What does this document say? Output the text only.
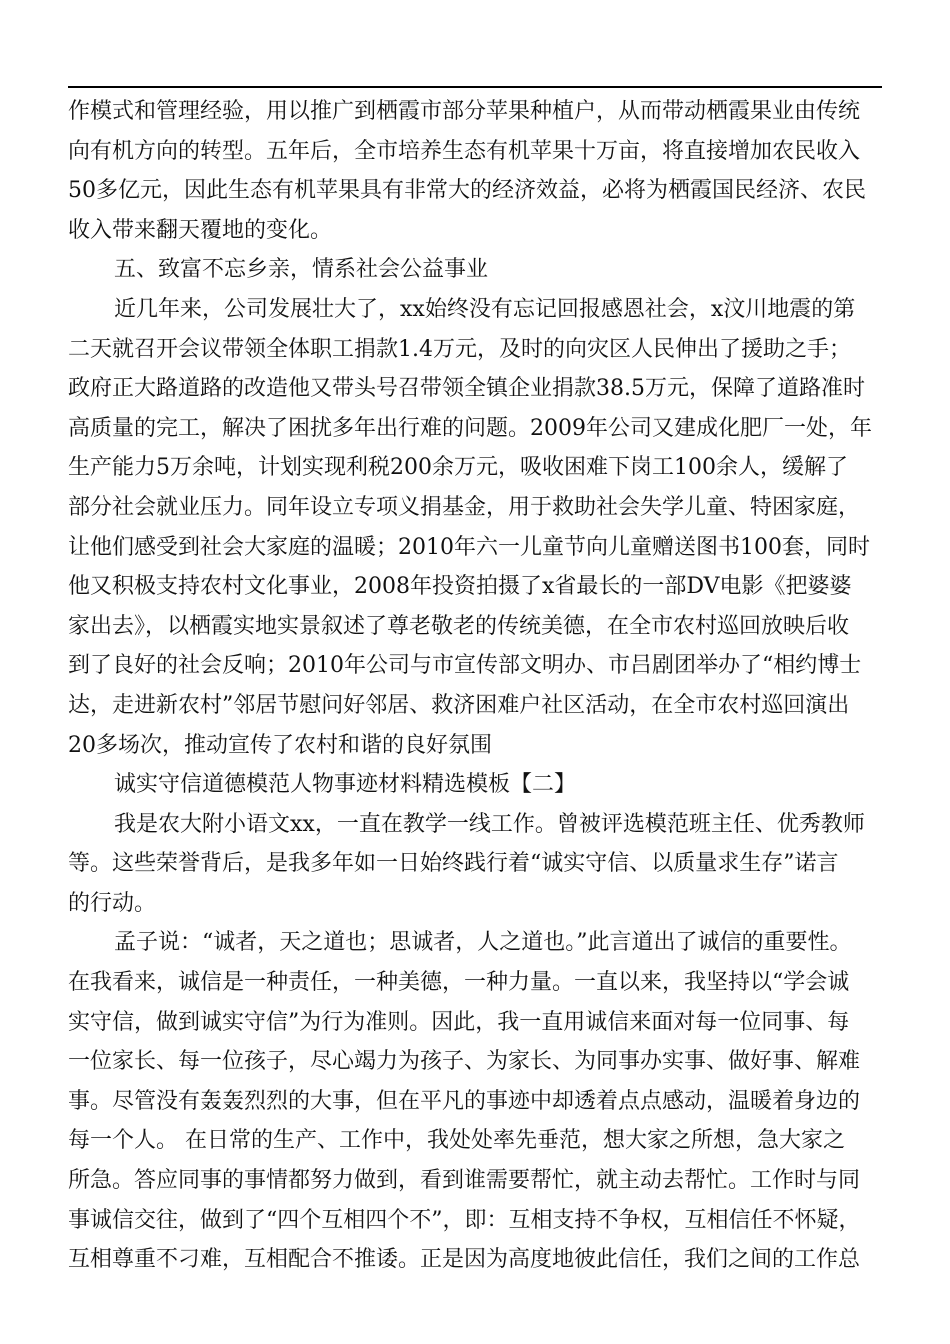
作模式和管理经验，用以推广到栖霞市部分苹果种植户，从而带动栖霞果业由传统
向有机方向的转型。五年后，全市培养生态有机苹果十万亩，将直接增加农民收入
50多亿元，因此生态有机苹果具有非常大的经济效益，必将为栖霞国民经济、农民
收入带来翻天覆地的变化。
五、致富不忘乡亲，情系社会公益事业
近几年来，公司发展壮大了，xx始终没有忘记回报感恩社会，x汶川地震的第
二天就召开会议带领全体职工捐款1.4万元，及时的向灾区人民伸出了援助之手；
政府正大路道路的改造他又带头号召带领全镇企业捐款38.5万元，保障了道路准时
高质量的完工，解决了困扰多年出行难的问题。2009年公司又建成化肥厂一处，年
生产能力5万余吨，计划实现利税200余万元，吸收困难下岗工100余人，缓解了
部分社会就业压力。同年设立专项义捐基金，用于救助社会失学儿童、特困家庭，
让他们感受到社会大家庭的温暖；2010年六一儿童节向儿童赠送图书100套，同时
他又积极支持农村文化事业，2008年投资拍摄了x省最长的一部DV电影《把婆婆
家出去》，以栖霞实地实景叙述了尊老敬老的传统美德，在全市农村巡回放映后收
到了良好的社会反响；2010年公司与市宣传部文明办、市吕剧团举办了“相约博士
达，走进新农村”邻居节慰问好邻居、救济困难户社区活动，在全市农村巡回演出
20多场次，推动宣传了农村和谐的良好氛围
诚实守信道德模范人物事迹材料精选模板【二】
我是农大附小语文xx，一直在教学一线工作。曾被评选模范班主任、优秀教师
等。这些荣誉背后，是我多年如一日始终践行着“诚实守信、以质量求生存”诺言
的行动。
孟子说：“诚者，天之道也；思诚者，人之道也。”此言道出了诚信的重要性。
在我看来，诚信是一种责任，一种美德，一种力量。一直以来，我坚持以“学会诚
实守信，做到诚实守信”为行为准则。因此，我一直用诚信来面对每一位同事、每
一位家长、每一位孩子，尽心竭力为孩子、为家长、为同事办实事、做好事、解难
事。尽管没有轰轰烈烈的大事，但在平凡的事迹中却透着点点感动，温暖着身边的
每一个人。 在日常的生产、工作中，我处处率先垂范，想大家之所想，急大家之
所急。答应同事的事情都努力做到，看到谁需要帮忙，就主动去帮忙。工作时与同
事诚信交往，做到了“四个互相四个不”，即：互相支持不争权，互相信任不怀疑，
互相尊重不刁难，互相配合不推诿。正是因为高度地彼此信任，我们之间的工作总
